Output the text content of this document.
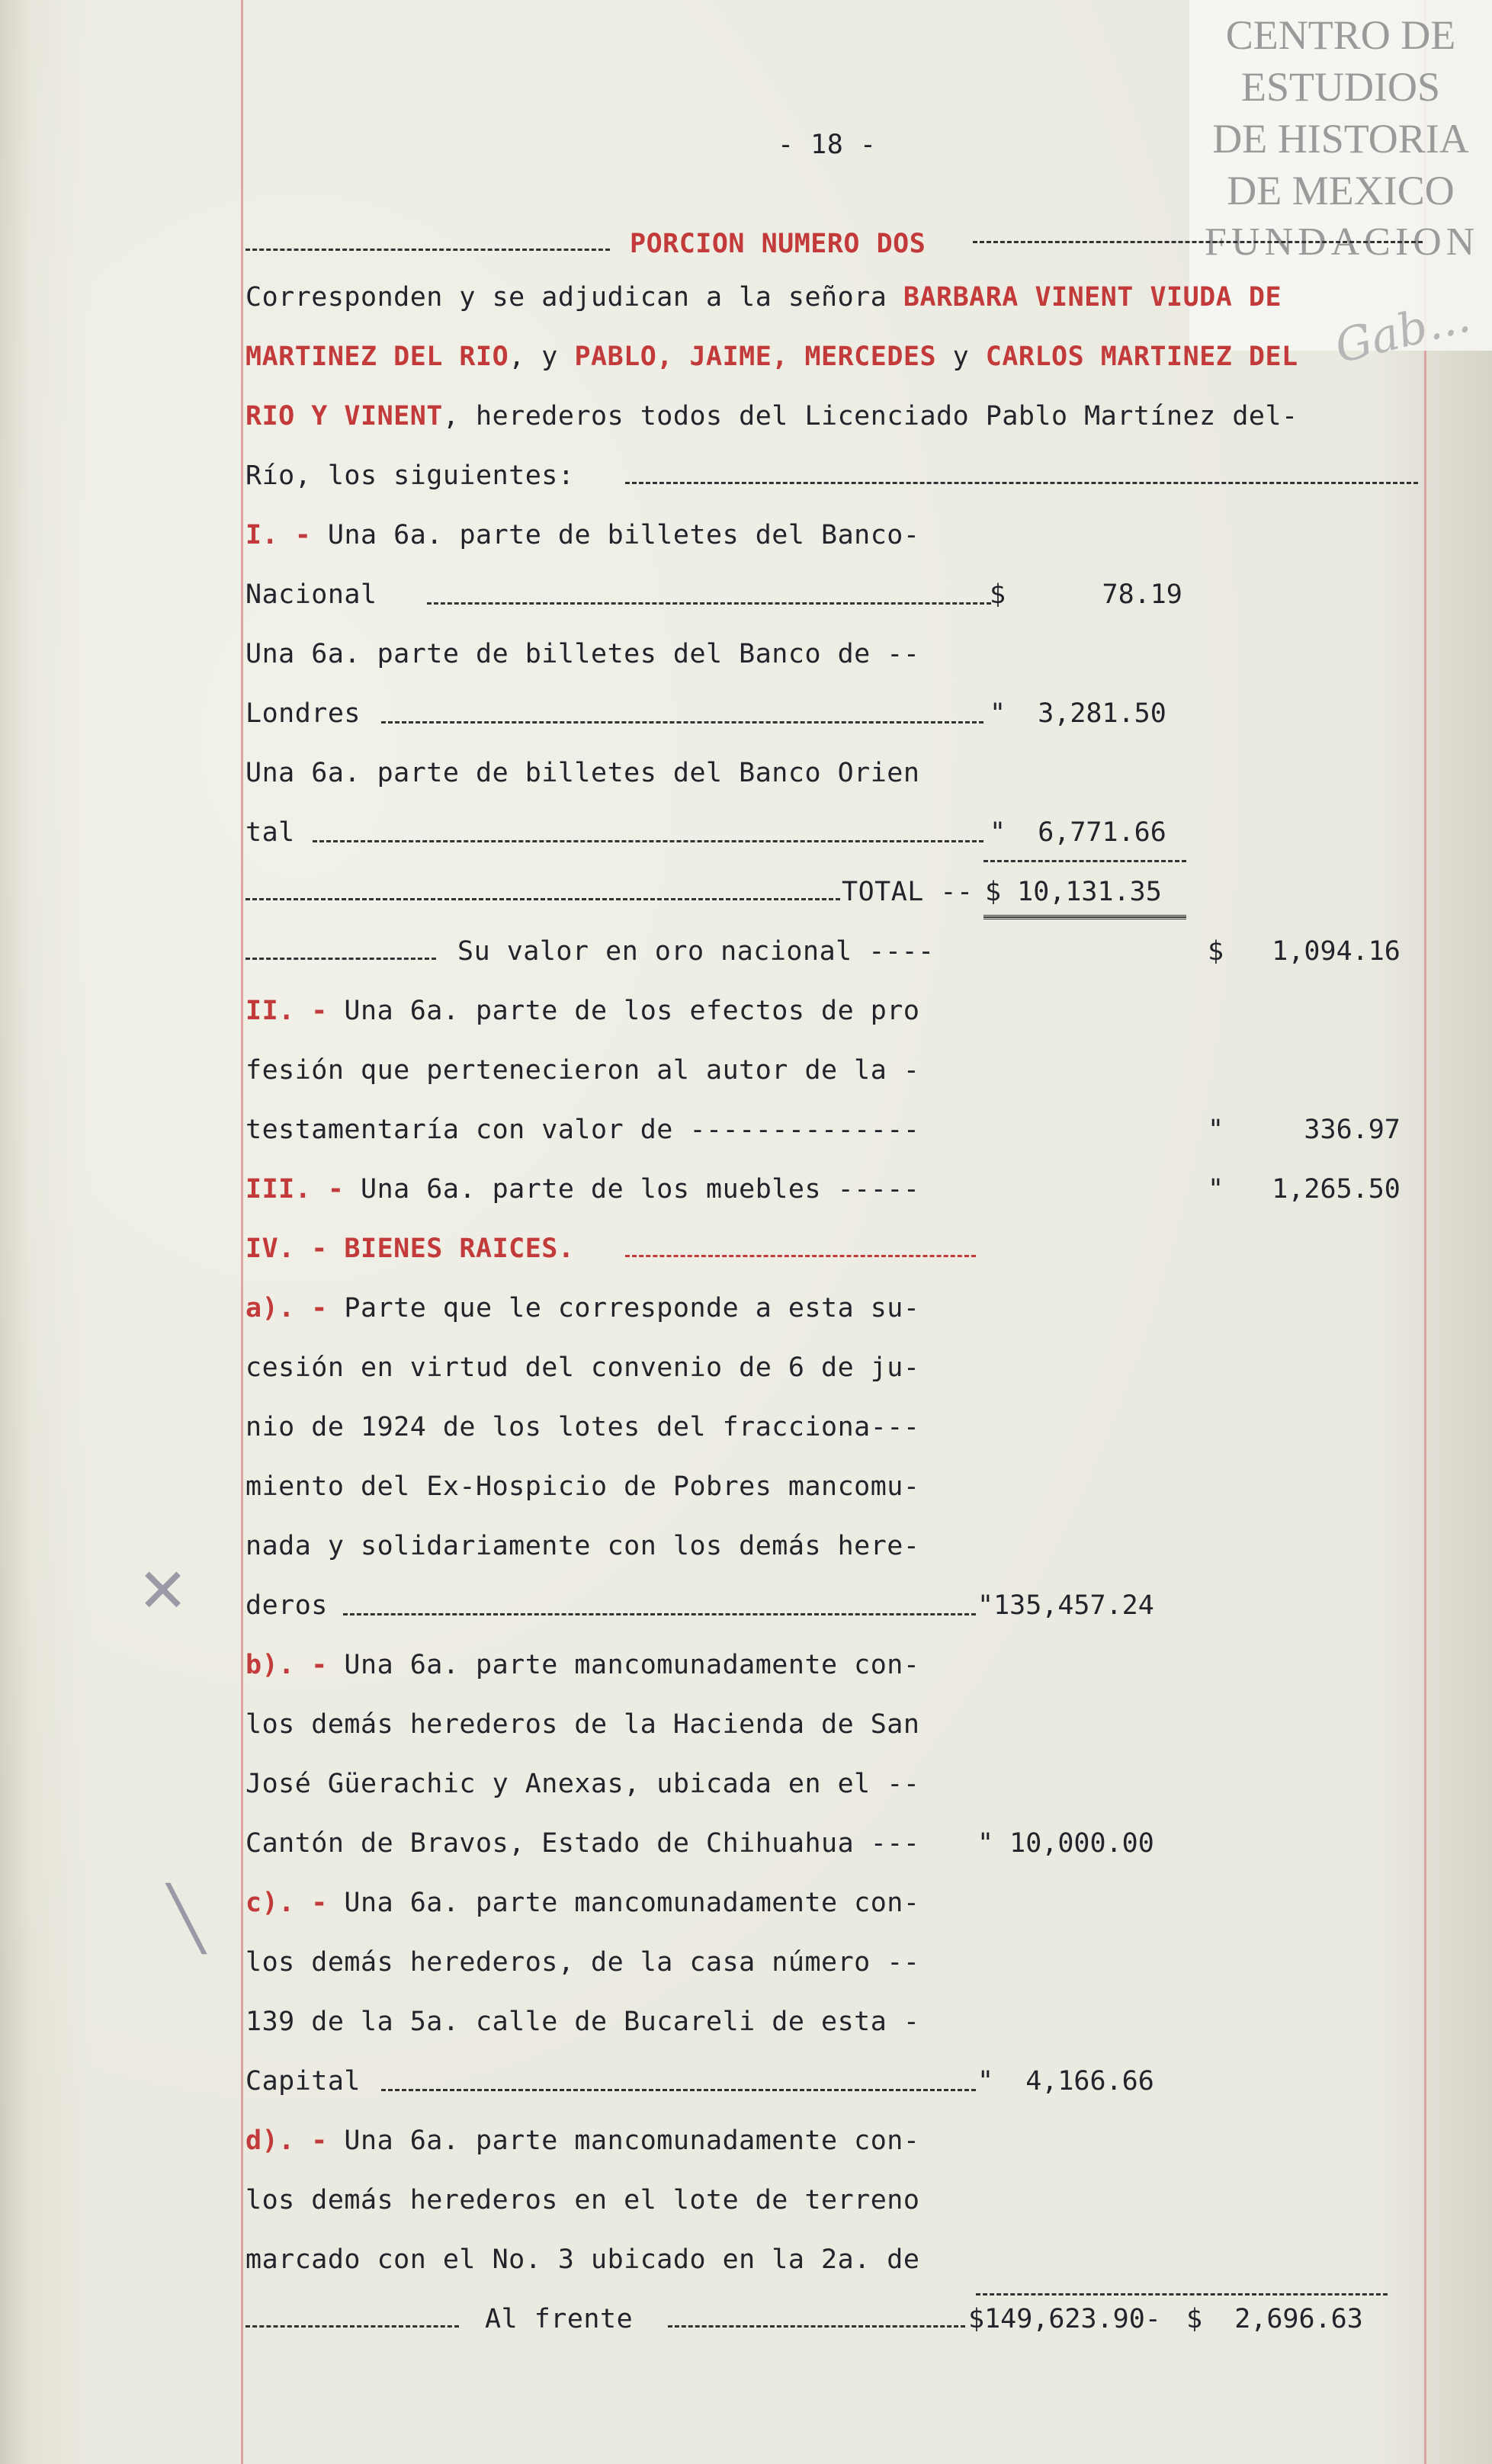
CENTRO DE
ESTUDIOS
DE HISTORIA
DE MEXICO
FUNDACION
Gab...
- 18 -
PORCION NUMERO DOS
Corresponden y se adjudican a la señora BARBARA VINENT VIUDA DE
MARTINEZ DEL RIO, y PABLO, JAIME, MERCEDES y CARLOS MARTINEZ DEL
RIO Y VINENT, herederos todos del Licenciado Pablo Martínez del-
Río, los siguientes:
I. - Una 6a. parte de billetes del Banco-
Nacional	$      78.19
Una 6a. parte de billetes del Banco de --
Londres	"  3,281.50
Una 6a. parte de billetes del Banco Orien
tal	"  6,771.66
TOTAL -- $ 10,131.35
Su valor en oro nacional ----	$   1,094.16
II. - Una 6a. parte de los efectos de pro
fesión que pertenecieron al autor de la -
testamentaría con valor de --------------	"     336.97
III. - Una 6a. parte de los muebles -----	"   1,265.50
IV. - BIENES RAICES.
a). - Parte que le corresponde a esta su-
cesión en virtud del convenio de 6 de ju-
nio de 1924 de los lotes del fracciona---
miento del Ex-Hospicio de Pobres mancomu-
nada y solidariamente con los demás here-
deros	"135,457.24
b). - Una 6a. parte mancomunadamente con-
los demás herederos de la Hacienda de San
José Güerachic y Anexas, ubicada en el --
Cantón de Bravos, Estado de Chihuahua --- " 10,000.00
c). - Una 6a. parte mancomunadamente con-
los demás herederos, de la casa número --
139 de la 5a. calle de Bucareli de esta -
Capital	"  4,166.66
d). - Una 6a. parte mancomunadamente con-
los demás herederos en el lote de terreno
marcado con el No. 3 ubicado en la 2a. de
Al frente	$149,623.90- $  2,696.63
✕
╲
